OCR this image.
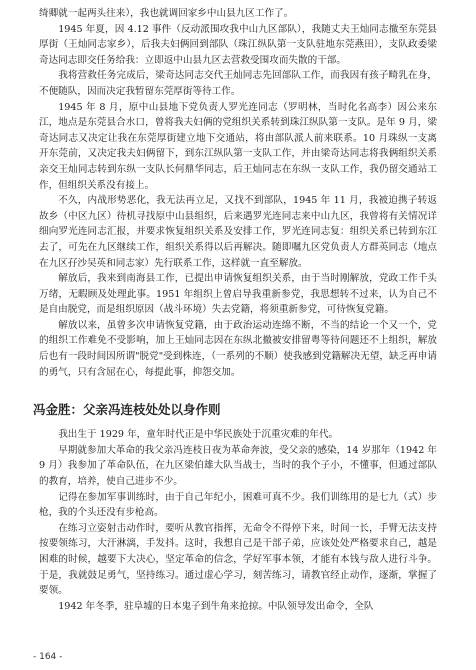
绮卿就一起两头往来），我也就调回家乡中山县九区工作了。

1945 年夏，因 4.12 事件（反动派围攻我中山九区部队），我随丈夫王灿同志撤至东莞县厚街（王灿同志家乡），后我夫妇俩回到部队（珠江纵队第一支队驻地东莞燕田），支队政委梁奇达同志即交任务给我：立即返中山县九区去营救受围攻而失散的干部。

我将营救任务完成后，梁奇达同志交代王灿同志先回部队工作，而我因有孩子畸乳在身，不便随队，因而决定我暂留东莞厚街等待工作。

1945 年 8 月，原中山县地下党负责人罗光连同志（罗明林，当时化名高李）因公来东江，地点是东莞县合水口，曾将我夫妇俩的党组织关系转到珠江纵队第一支队。是年 9 月，梁奇达同志又决定让我在东莞厚街建立地下交通站，将由部队派人前来联系。10 月珠纵一支离开东莞前，又决定我夫妇俩留下，到东江纵队第一支队工作，并由梁奇达同志将我俩组织关系亲交王灿同志转到东纵一支队长何鼎华同志，后王灿同志在东纵一支队工作，我仍留交通站工作，但组织关系没有接上。

不久，内战形势恶化，我无法再立足，又找不到部队，1945 年 11 月，我被迫携子转返故乡（中区九区）待机寻找原中山县组织，后来遇罗光连同志来中山九区，我曾将有关情况详细向罗光连同志汇报，并要求恢复组织关系及安排工作，罗光连同志复：组织关系已转到东江去了，可先在九区继续工作，组织关系得以后再解决。随即嘱九区党负责人方群英同志（地点在九区孖沙吴英和同志家）先行联系工作，这样就一直至解放。

解放后，我来到南海县工作，已提出申请恢复组织关系，由于当时刚解放，党政工作千头万绪，无暇顾及处理此事。1951 年组织上曾启导我重新参党，我思想转不过来，认为自己不是自由脱党，而是组织原因（战斗环境）失去党籍，将须重新参党，可待恢复党籍。

解放以来，虽曾多次申请恢复党籍，由于政治运动连绵不断，不当的结论一个又一个，党的组织工作难免不受影响，加上王灿同志因在东纵北撤被安排留粤等待问题还不上组织，解放后也有一段时间因所谓"脱党"受到株连，（一系列的不顺）使我感到党籍解决无望，缺乏再申请的勇气，只有含屈在心，每提此事，抑怨交加。

冯金胜：父亲冯连枝处处以身作则

我出生于 1929 年，童年时代正是中华民族处于沉重灾难的年代。

早期就参加大革命的我父亲冯连枝日夜为革命奔波，受父亲的感染，14 岁那年（1942 年 9 月）我参加了革命队伍，在九区梁伯雄大队当战士，当时的我个子小，不懂事，但通过部队的教育，培养，使自己进步不少。

记得在参加军事训练时，由于自己年纪小，困难可真不少。我们训练用的是七九（式）步枪，我的个头还没有步枪高。

在练习立姿射击动作时，要听从教官指挥，无命令不得停下来，时间一长，手臂无法支持按要领练习，大汗淋漓，手发抖。这时，我想自己是干部子弟，应该处处严格要求自己，越是困难的时候，越要下大决心，坚定革命的信念，学好军事本领，才能有本钱与敌人进行斗争。于是，我就鼓足勇气，坚持练习。通过虚心学习，刻苦练习，请教官经止动作，逐渐，掌握了要领。

1942 年冬季，驻阜墟的日本鬼子到牛角来抢掠。中队领导发出命令，全队

- 164 -
